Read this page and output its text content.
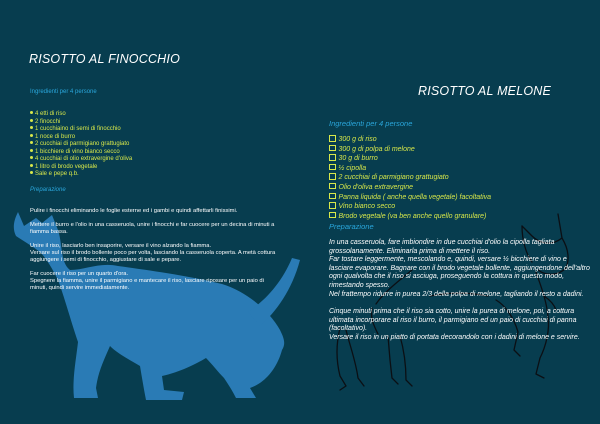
RISOTTO AL FINOCCHIO
Ingredienti per 4 persone
4 etti di riso
2 finocchi
1 cucchiaino di semi di finocchio
1 noce di burro
2 cucchiai di parmigiano grattugiato
1 bicchiere di vino bianco secco
4 cucchiai di olio extravergine d'oliva
1 litro di brodo vegetale
Sale e pepe q.b.
Preparazione

Pulire i finocchi eliminando le foglie esterne ed i gambi e quindi affettarli finissimi.

Mettere il burro e l'olio in una casseruola, unire i finocchi e far cuocere per un decina di minuti a fiamma bassa.

Unire il riso, lasciarlo ben insaporire, versare il vino alzando la fiamma.

Versare sul riso il brodo bollente poco per volta, lasciando la casseruola coperta. A metà cottura aggiungere i semi di finocchio, aggiustare di sale e pepare.

Far cuocere il riso per un quarto d'ora.

Spegnere la fiamma, unire il parmigiano e mantecare il riso, lasciare riposare per un paio di minuti, quindi servire immediatamente.

RISOTTO AL MELONE
Ingredienti per 4 persone
300 g di riso
300 g di polpa di melone
30 g di burro
½ cipolla
2 cucchiai di parmigiano grattugiato
Olio d'oliva extravergine
Panna liquida ( anche quella vegetale) facoltativa
Vino bianco secco
Brodo vegetale (va ben anche quello granulare)
Preparazione

In una casseruola, fare imbiondire in due cucchiai d'olio la cipolla tagliata grossolanamente. Eliminarla prima di mettere il riso.

Far tostare leggermente, mescolando e, quindi, versare ½ bicchiere di vino e lasciare evaporare. Bagnare con il brodo vegetale bollente, aggiungendone dell'altro ogni qualvolta che il riso si asciuga, proseguendo la cottura in questo modo, rimestando spesso.

Nel frattempo ridurre in purea 2/3 della polpa di melone, tagliando il resto a dadini.

Cinque minuti prima che il riso sia cotto, unire la purea di melone, poi, a cottura ultimata incorporare al riso il burro, il parmigiano ed un paio di cucchiai di panna (facoltativo).

Versare il riso in un piatto di portata decorandolo con i dadini di melone e servire.
